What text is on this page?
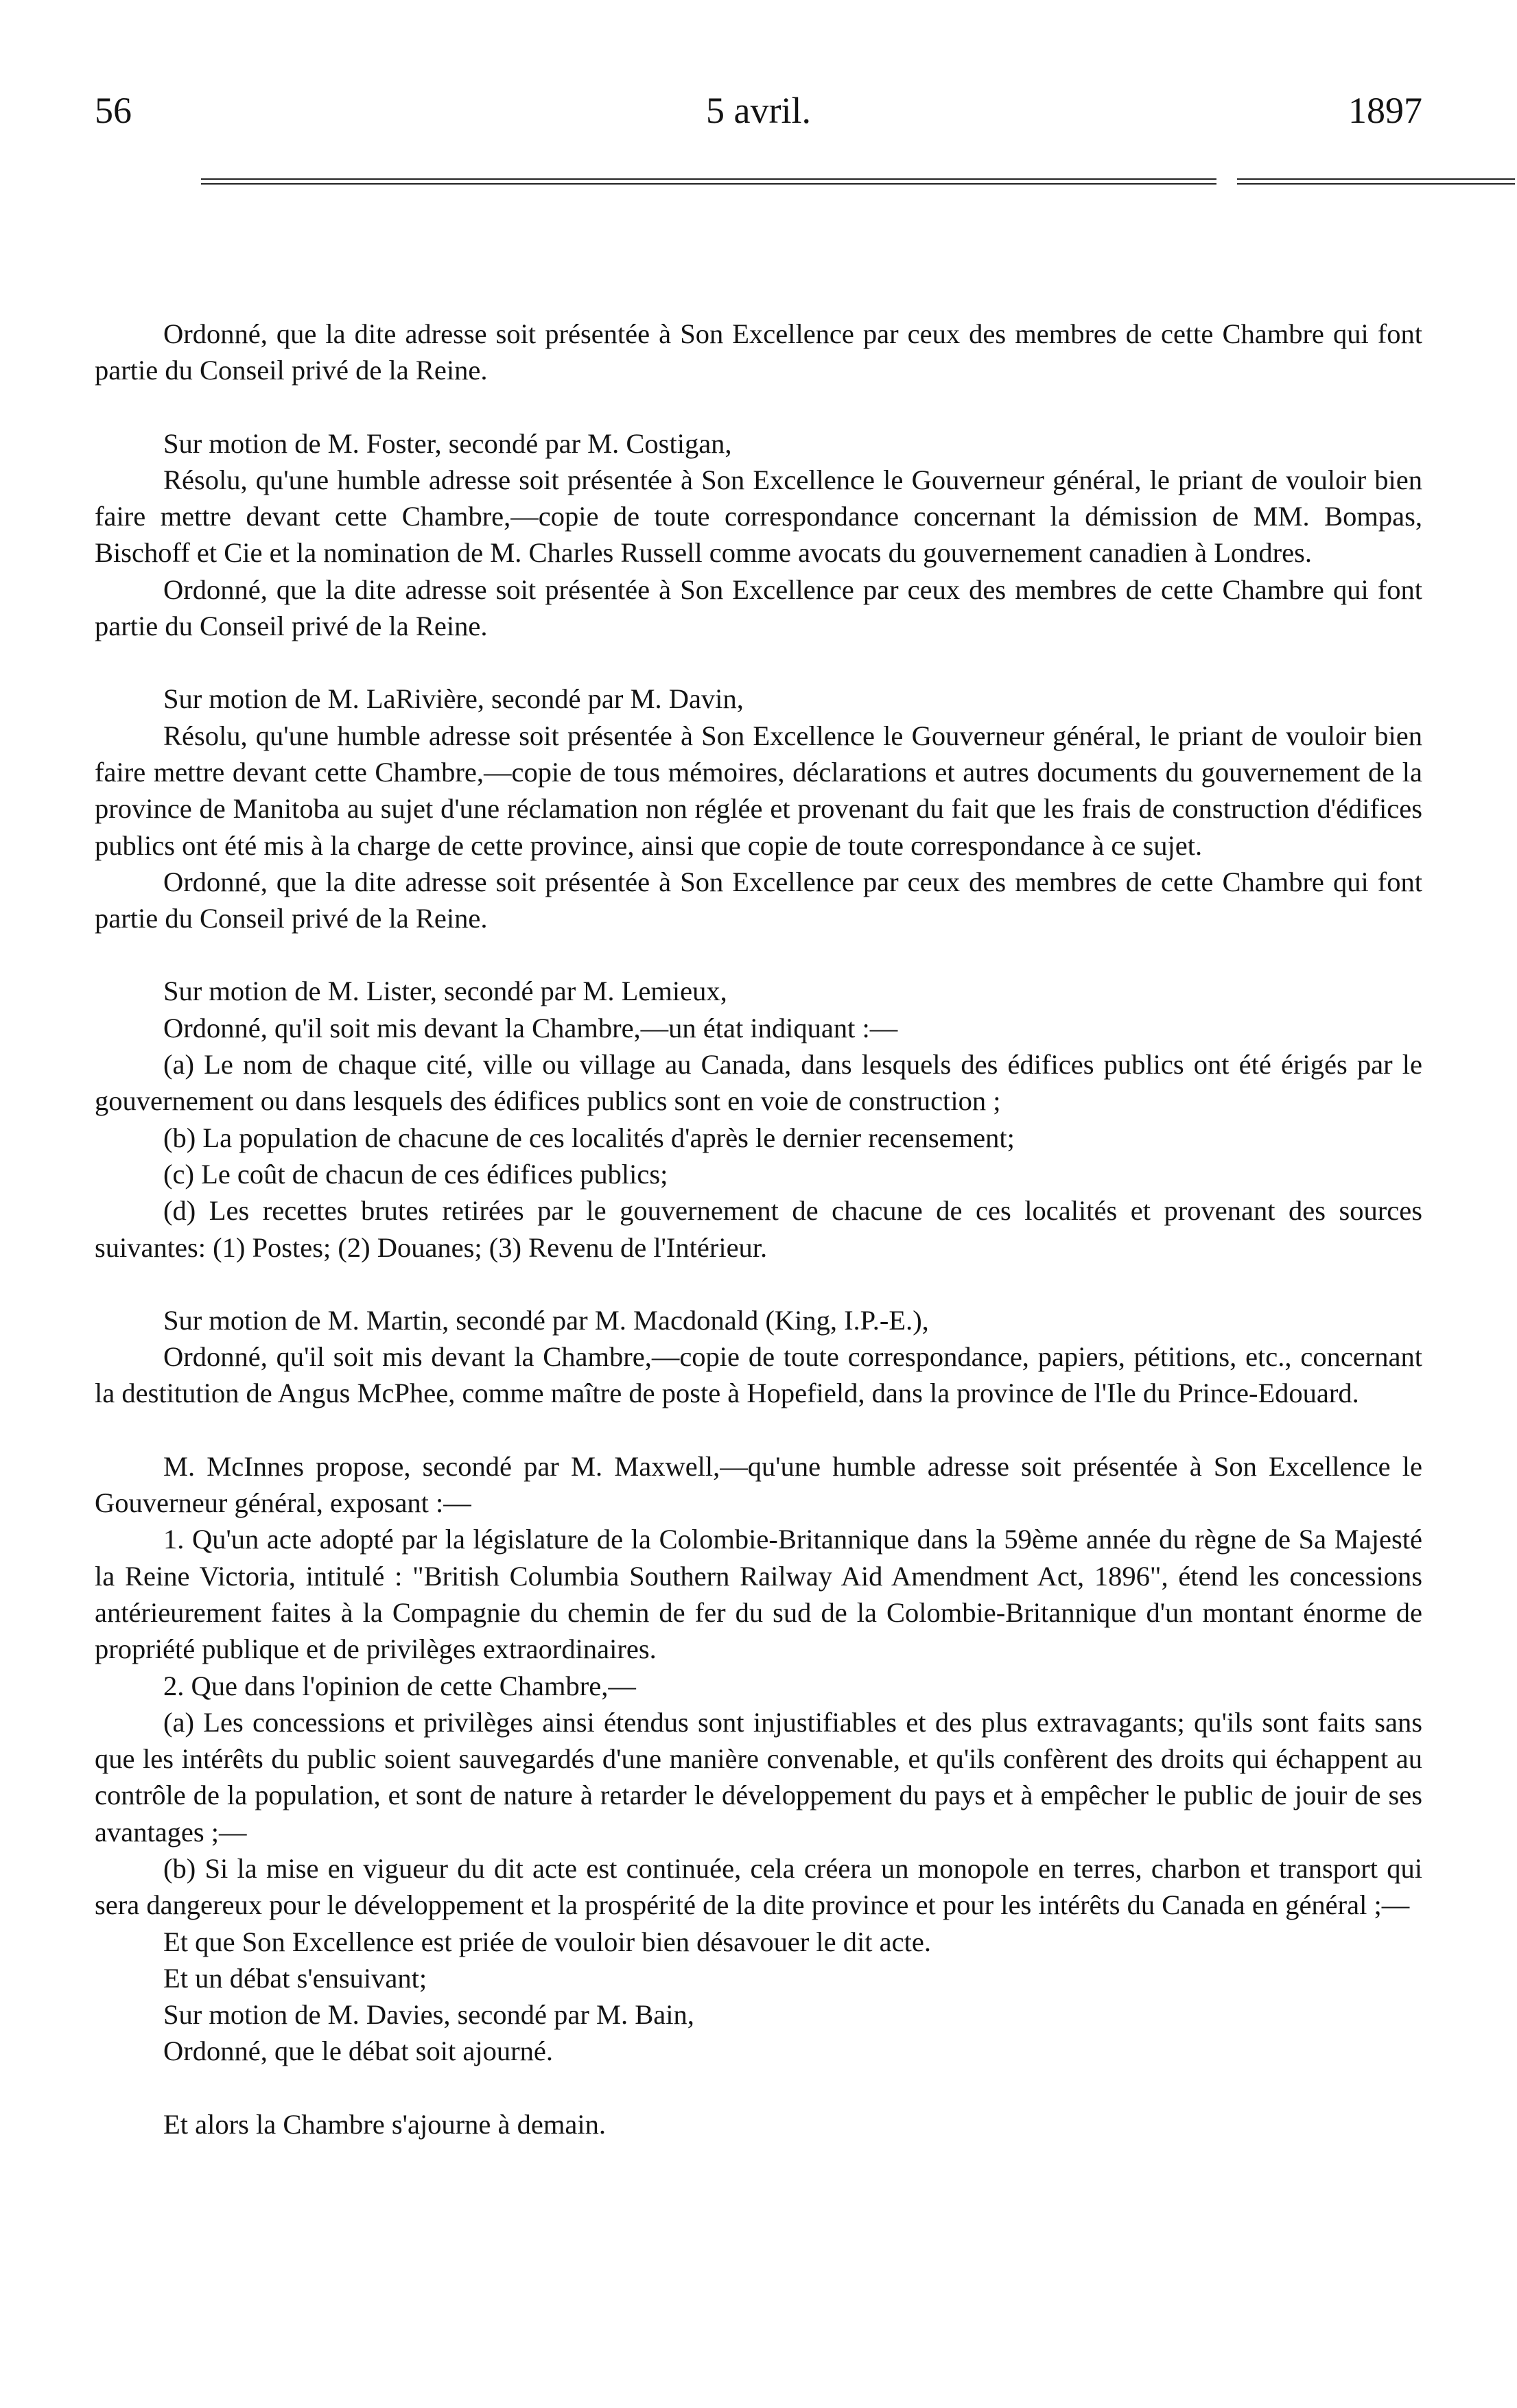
56	5 avril.	1897

Ordonné, que la dite adresse soit présentée à Son Excellence par ceux des membres de cette Chambre qui font partie du Conseil privé de la Reine.

Sur motion de M. Foster, secondé par M. Costigan,

Résolu, qu'une humble adresse soit présentée à Son Excellence le Gouverneur général, le priant de vouloir bien faire mettre devant cette Chambre,—copie de toute correspondance concernant la démission de MM. Bompas, Bischoff et Cie et la nomination de M. Charles Russell comme avocats du gouvernement canadien à Londres.

Ordonné, que la dite adresse soit présentée à Son Excellence par ceux des membres de cette Chambre qui font partie du Conseil privé de la Reine.

Sur motion de M. LaRivière, secondé par M. Davin,

Résolu, qu'une humble adresse soit présentée à Son Excellence le Gouverneur général, le priant de vouloir bien faire mettre devant cette Chambre,—copie de tous mémoires, déclarations et autres documents du gouvernement de la province de Manitoba au sujet d'une réclamation non réglée et provenant du fait que les frais de construction d'édifices publics ont été mis à la charge de cette province, ainsi que copie de toute correspondance à ce sujet.

Ordonné, que la dite adresse soit présentée à Son Excellence par ceux des membres de cette Chambre qui font partie du Conseil privé de la Reine.

Sur motion de M. Lister, secondé par M. Lemieux,

Ordonné, qu'il soit mis devant la Chambre,—un état indiquant :—

(a) Le nom de chaque cité, ville ou village au Canada, dans lesquels des édifices publics ont été érigés par le gouvernement ou dans lesquels des édifices publics sont en voie de construction ;

(b) La population de chacune de ces localités d'après le dernier recensement;

(c) Le coût de chacun de ces édifices publics;

(d) Les recettes brutes retirées par le gouvernement de chacune de ces localités et provenant des sources suivantes: (1) Postes; (2) Douanes; (3) Revenu de l'Intérieur.

Sur motion de M. Martin, secondé par M. Macdonald (King, I.P.-E.),

Ordonné, qu'il soit mis devant la Chambre,—copie de toute correspondance, papiers, pétitions, etc., concernant la destitution de Angus McPhee, comme maître de poste à Hopefield, dans la province de l'Ile du Prince-Edouard.

M. McInnes propose, secondé par M. Maxwell,—qu'une humble adresse soit présentée à Son Excellence le Gouverneur général, exposant :—

1. Qu'un acte adopté par la législature de la Colombie-Britannique dans la 59ème année du règne de Sa Majesté la Reine Victoria, intitulé : "British Columbia Southern Railway Aid Amendment Act, 1896", étend les concessions antérieurement faites à la Compagnie du chemin de fer du sud de la Colombie-Britannique d'un montant énorme de propriété publique et de privilèges extraordinaires.

2. Que dans l'opinion de cette Chambre,—

(a) Les concessions et privilèges ainsi étendus sont injustifiables et des plus extravagants; qu'ils sont faits sans que les intérêts du public soient sauvegardés d'une manière convenable, et qu'ils confèrent des droits qui échappent au contrôle de la population, et sont de nature à retarder le développement du pays et à empêcher le public de jouir de ses avantages ;—

(b) Si la mise en vigueur du dit acte est continuée, cela créera un monopole en terres, charbon et transport qui sera dangereux pour le développement et la prospérité de la dite province et pour les intérêts du Canada en général ;—

Et que Son Excellence est priée de vouloir bien désavouer le dit acte.

Et un débat s'ensuivant;

Sur motion de M. Davies, secondé par M. Bain,

Ordonné, que le débat soit ajourné.

Et alors la Chambre s'ajourne à demain.
